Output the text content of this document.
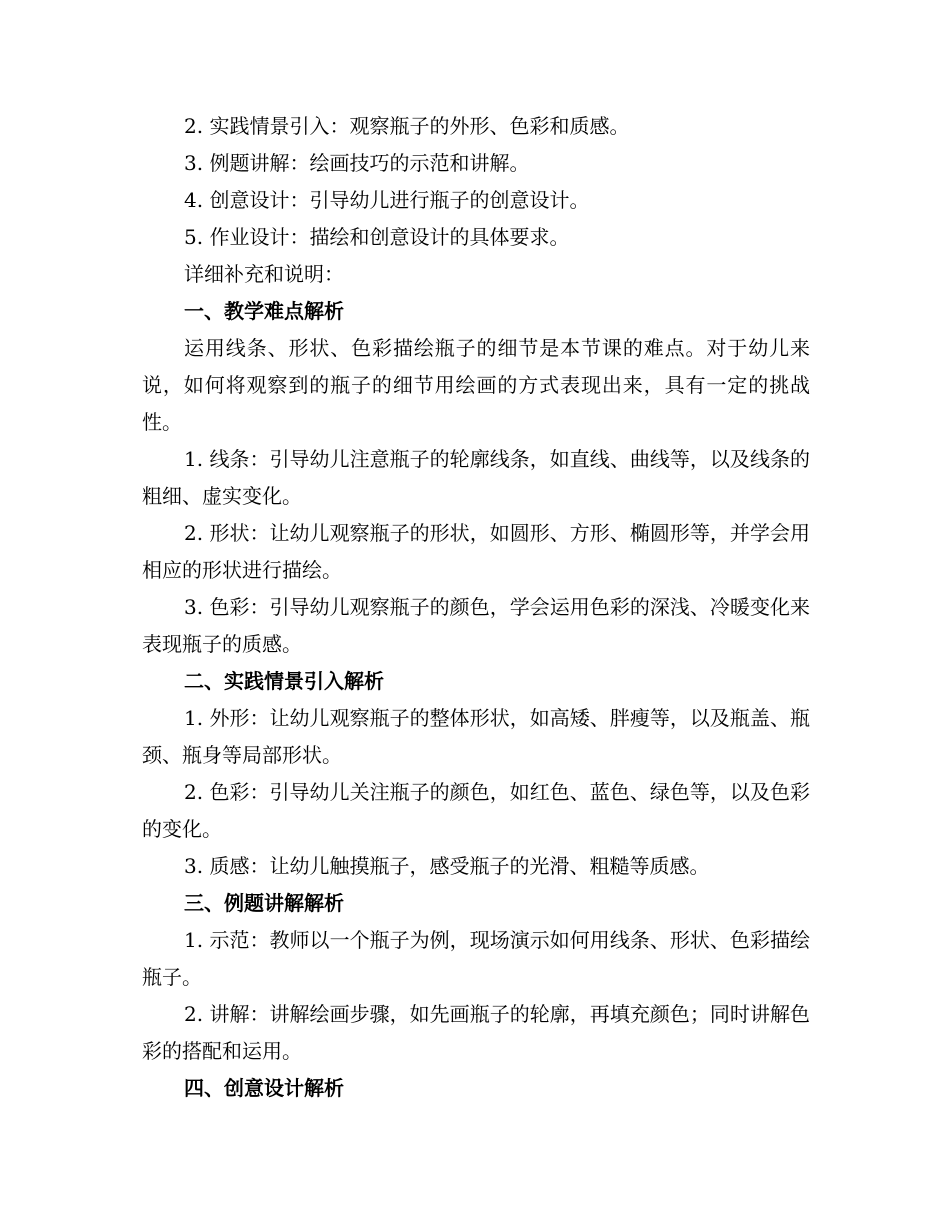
2. 实践情景引入：观察瓶子的外形、色彩和质感。
3. 例题讲解：绘画技巧的示范和讲解。
4. 创意设计：引导幼儿进行瓶子的创意设计。
5. 作业设计：描绘和创意设计的具体要求。
详细补充和说明：
一、教学难点解析
运用线条、形状、色彩描绘瓶子的细节是本节课的难点。对于幼儿来说，如何将观察到的瓶子的细节用绘画的方式表现出来，具有一定的挑战性。
1. 线条：引导幼儿注意瓶子的轮廓线条，如直线、曲线等，以及线条的粗细、虚实变化。
2. 形状：让幼儿观察瓶子的形状，如圆形、方形、椭圆形等，并学会用相应的形状进行描绘。
3. 色彩：引导幼儿观察瓶子的颜色，学会运用色彩的深浅、冷暖变化来表现瓶子的质感。
二、实践情景引入解析
1. 外形：让幼儿观察瓶子的整体形状，如高矮、胖瘦等，以及瓶盖、瓶颈、瓶身等局部形状。
2. 色彩：引导幼儿关注瓶子的颜色，如红色、蓝色、绿色等，以及色彩的变化。
3. 质感：让幼儿触摸瓶子，感受瓶子的光滑、粗糙等质感。
三、例题讲解解析
1. 示范：教师以一个瓶子为例，现场演示如何用线条、形状、色彩描绘瓶子。
2. 讲解：讲解绘画步骤，如先画瓶子的轮廓，再填充颜色；同时讲解色彩的搭配和运用。
四、创意设计解析
